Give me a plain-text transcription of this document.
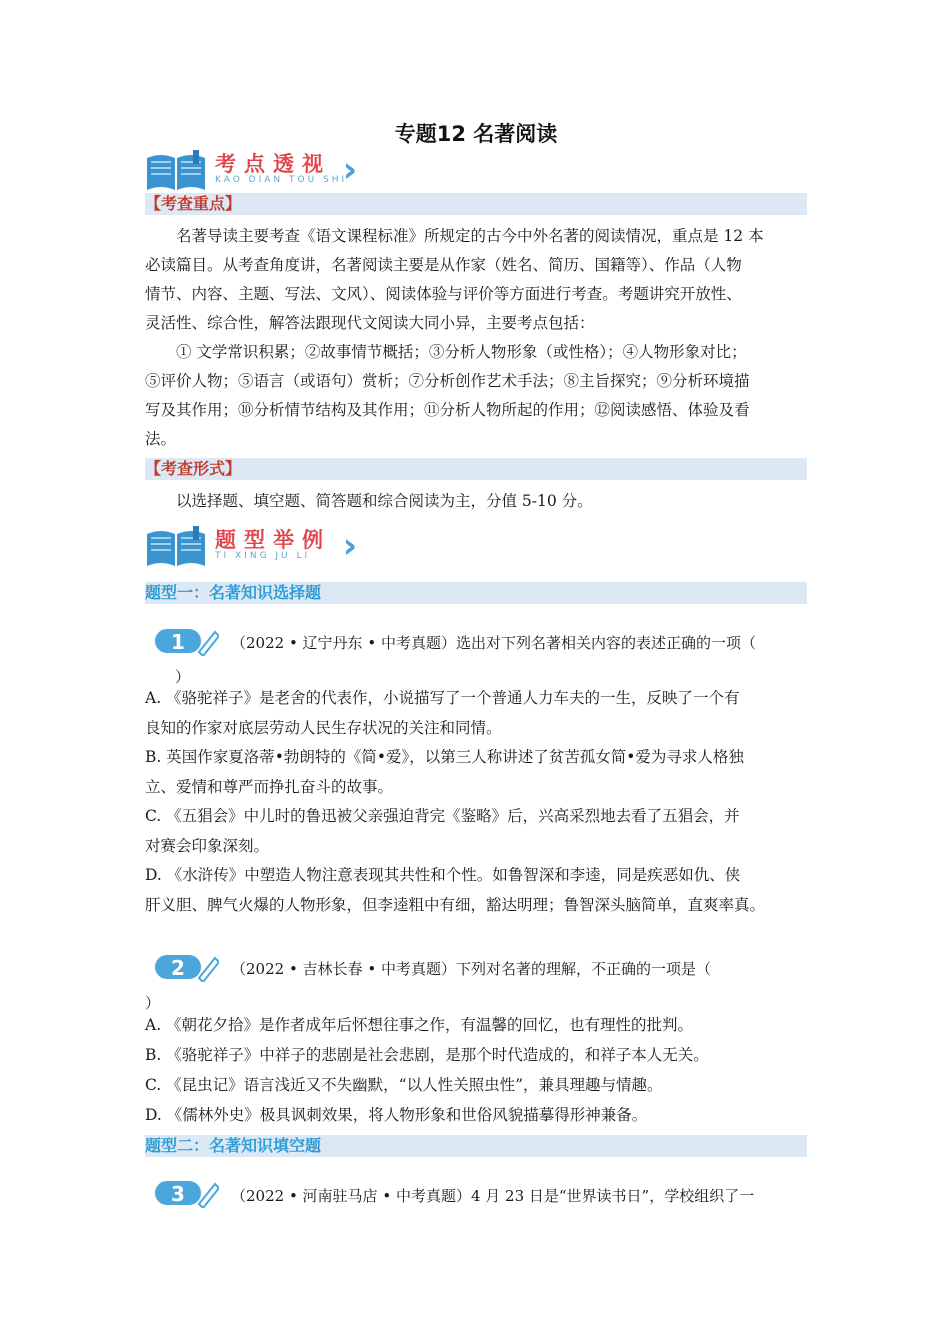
专题12 名著阅读
考点透视
KAO DIAN TOU SHI
›››
【考查重点】
名著导读主要考查《语文课程标准》所规定的古今中外名著的阅读情况，重点是 12 本
必读篇目。从考查角度讲，名著阅读主要是从作家（姓名、简历、国籍等）、作品（人物
情节、内容、主题、写法、文风）、阅读体验与评价等方面进行考查。考题讲究开放性、
灵活性、综合性，解答法跟现代文阅读大同小异，主要考点包括：
① 文学常识积累；②故事情节概括；③分析人物形象（或性格）；④人物形象对比；
⑤评价人物；⑤语言（或语句）赏析；⑦分析创作艺术手法；⑧主旨探究；⑨分析环境描
写及其作用；⑩分析情节结构及其作用；⑪分析人物所起的作用；⑫阅读感悟、体验及看
法。
【考查形式】
以选择题、填空题、简答题和综合阅读为主，分值 5-10 分。
题型举例
TI XING JU LI ›››
题型一：名著知识选择题
1	（2022 • 辽宁丹东 • 中考真题）选出对下列名著相关内容的表述正确的一项（
）
A. 《骆驼祥子》是老舍的代表作，小说描写了一个普通人力车夫的一生，反映了一个有
良知的作家对底层劳动人民生存状况的关注和同情。
B. 英国作家夏洛蒂•勃朗特的《简•爱》，以第三人称讲述了贫苦孤女简•爱为寻求人格独
立、爱情和尊严而挣扎奋斗的故事。
C. 《五猖会》中儿时的鲁迅被父亲强迫背完《鉴略》后，兴高采烈地去看了五猖会，并
对赛会印象深刻。
D. 《水浒传》中塑造人物注意表现其共性和个性。如鲁智深和李逵，同是疾恶如仇、侠
肝义胆、脾气火爆的人物形象，但李逵粗中有细，豁达明理；鲁智深头脑简单，直爽率真。
2	（2022 • 吉林长春 • 中考真题）下列对名著的理解，不正确的一项是（
）
A. 《朝花夕拾》是作者成年后怀想往事之作，有温馨的回忆，也有理性的批判。
B. 《骆驼祥子》中祥子的悲剧是社会悲剧，是那个时代造成的，和祥子本人无关。
C. 《昆虫记》语言浅近又不失幽默，“以人性关照虫性”，兼具理趣与情趣。
D. 《儒林外史》极具讽刺效果，将人物形象和世俗风貌描摹得形神兼备。
题型二：名著知识填空题
3	（2022 • 河南驻马店 • 中考真题）4 月 23 日是“世界读书日”，学校组织了一
